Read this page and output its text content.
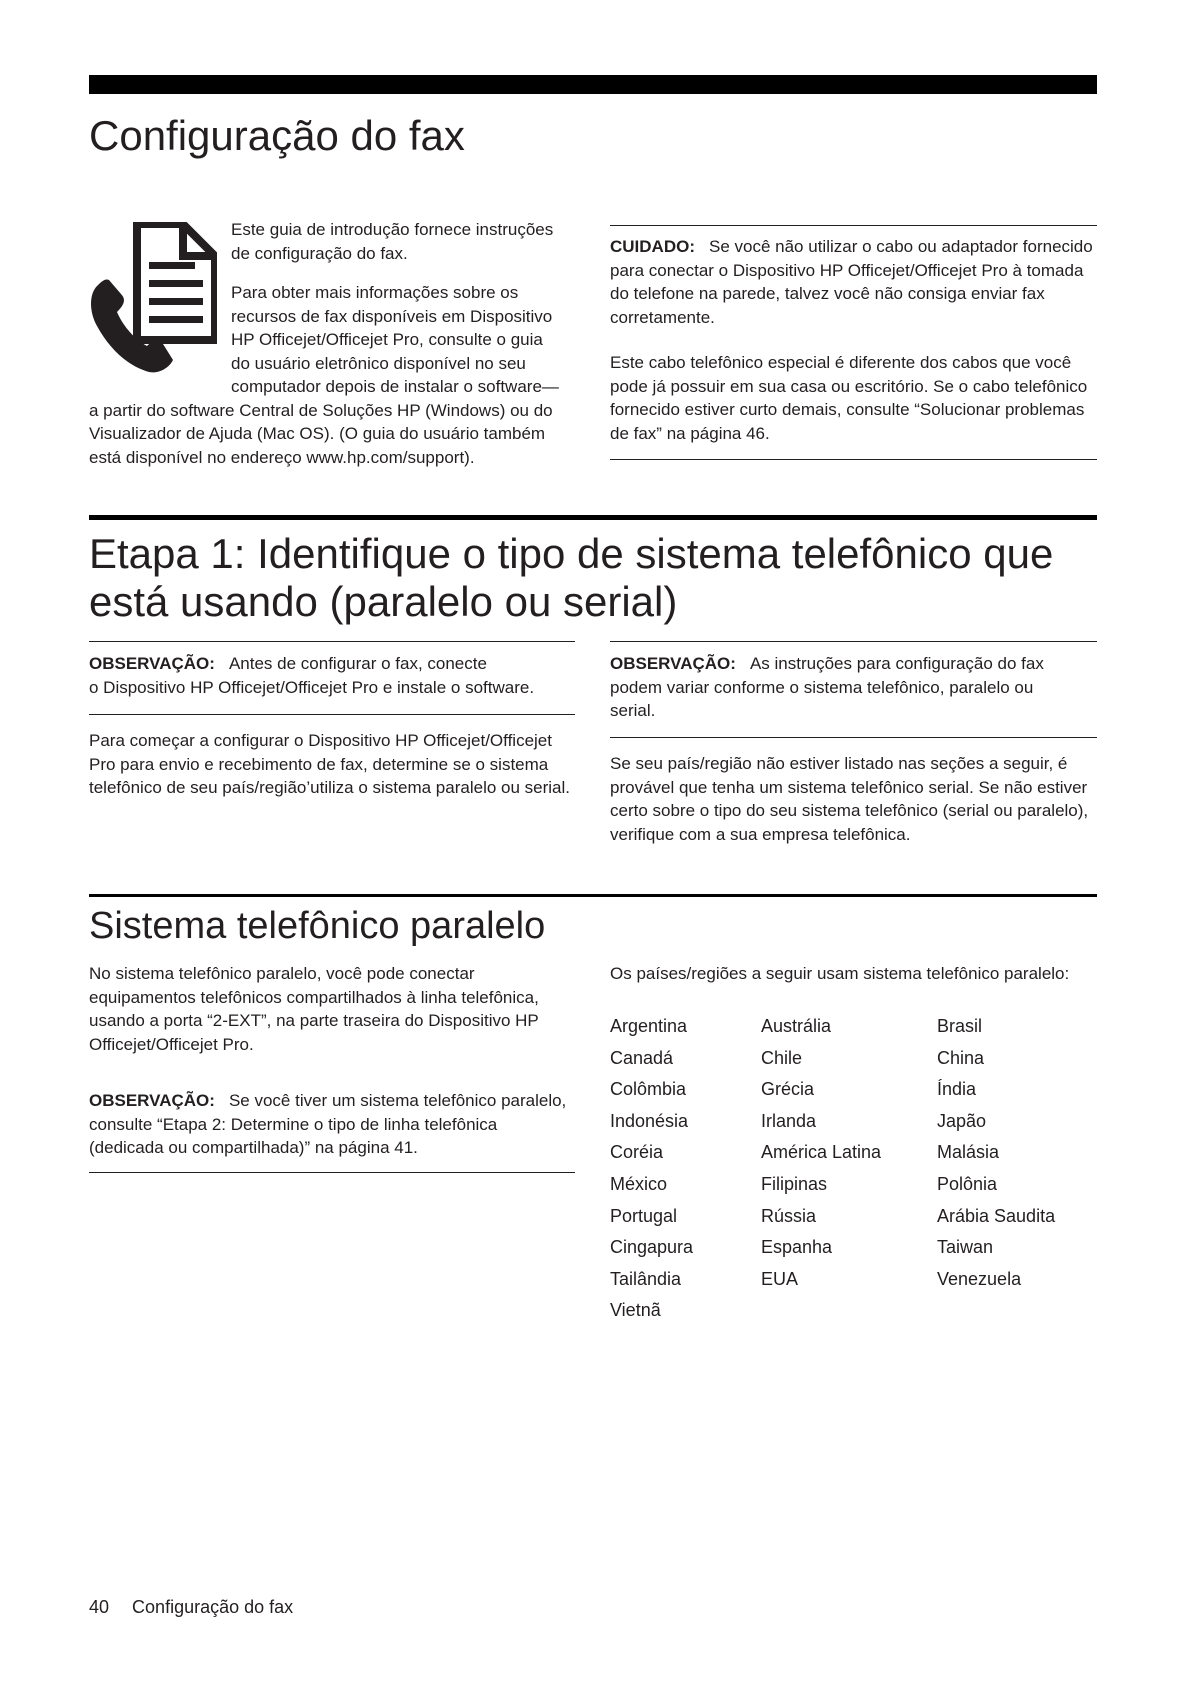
Configuração do fax

Este guia de introdução fornece instruções de configuração do fax.

Para obter mais informações sobre os
recursos de fax disponíveis em Dispositivo
HP Officejet/Officejet Pro, consulte o guia
do usuário eletrônico disponível no seu
computador depois de instalar o software—
a partir do software Central de Soluções HP (Windows) ou do
Visualizador de Ajuda (Mac OS). (O guia do usuário também
está disponível no endereço www.hp.com/support).

CUIDADO: Se você não utilizar o cabo ou adaptador fornecido para conectar o Dispositivo HP Officejet/Officejet Pro à tomada do telefone na parede, talvez você não consiga enviar fax corretamente.

Este cabo telefônico especial é diferente dos cabos que você pode já possuir em sua casa ou escritório. Se o cabo telefônico fornecido estiver curto demais, consulte “Solucionar problemas de fax” na página 46.

Etapa 1: Identifique o tipo de sistema telefônico que
está usando (paralelo ou serial)
OBSERVAÇÃO: Antes de configurar o fax, conecte
o Dispositivo HP Officejet/Officejet Pro e instale o software.

Para começar a configurar o Dispositivo HP Officejet/Officejet Pro para envio e recebimento de fax, determine se o sistema telefônico de seu país/região’utiliza o sistema paralelo ou serial.

OBSERVAÇÃO: As instruções para configuração do fax podem variar conforme o sistema telefônico, paralelo ou serial.

Se seu país/região não estiver listado nas seções a seguir, é provável que tenha um sistema telefônico serial. Se não estiver certo sobre o tipo do seu sistema telefônico (serial ou paralelo), verifique com a sua empresa telefônica.

Sistema telefônico paralelo

No sistema telefônico paralelo, você pode conectar equipamentos telefônicos compartilhados à linha telefônica, usando a porta “2-EXT”, na parte traseira do Dispositivo HP Officejet/Officejet Pro.

OBSERVAÇÃO: Se você tiver um sistema telefônico paralelo, consulte “Etapa 2: Determine o tipo de linha telefônica (dedicada ou compartilhada)” na página 41.

Os países/regiões a seguir usam sistema telefônico paralelo:

Argentina	Austrália	Brasil
Canadá	Chile	China
Colômbia	Grécia	Índia
Indonésia	Irlanda	Japão
Coréia	América Latina	Malásia
México	Filipinas	Polônia
Portugal	Rússia	Arábia Saudita
Cingapura	Espanha	Taiwan
Tailândia	EUA	Venezuela
Vietnã
40 Configuração do fax
